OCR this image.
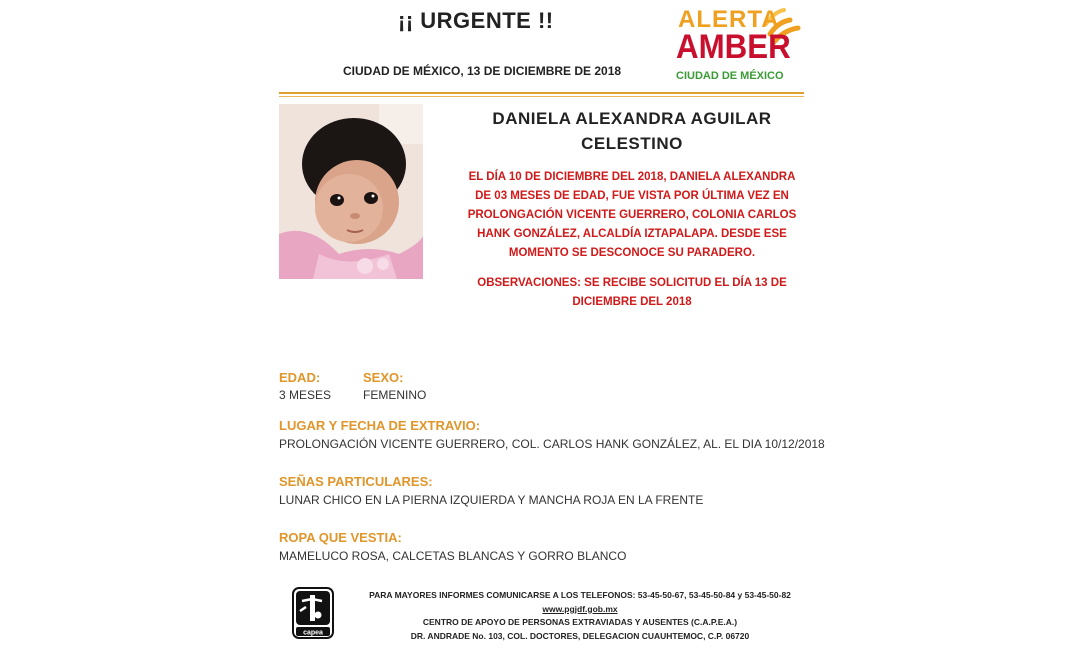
¡¡ URGENTE !!
CIUDAD DE MÉXICO, 13 DE DICIEMBRE DE 2018
ALERTA
AMBER
CIUDAD DE MÉXICO
DANIELA ALEXANDRA AGUILAR
CELESTINO
EL DÍA 10 DE DICIEMBRE DEL 2018, DANIELA ALEXANDRA DE 03 MESES DE EDAD, FUE VISTA POR ÚLTIMA VEZ EN PROLONGACIÓN VICENTE GUERRERO, COLONIA CARLOS HANK GONZÁLEZ, ALCALDÍA IZTAPALAPA. DESDE ESE MOMENTO SE DESCONOCE SU PARADERO.
OBSERVACIONES: SE RECIBE SOLICITUD EL DÍA 13 DE DICIEMBRE DEL 2018
EDAD:	SEXO:
3 MESES	FEMENINO
LUGAR Y FECHA DE EXTRAVIO:
PROLONGACIÓN VICENTE GUERRERO, COL. CARLOS HANK GONZÁLEZ, AL. EL DIA 10/12/2018
SEÑAS PARTICULARES:
LUNAR CHICO EN LA PIERNA IZQUIERDA Y MANCHA ROJA EN LA FRENTE
ROPA QUE VESTIA:
MAMELUCO ROSA, CALCETAS BLANCAS Y GORRO BLANCO
capea
PARA MAYORES INFORMES COMUNICARSE A LOS TELEFONOS: 53-45-50-67, 53-45-50-84 y 53-45-50-82
www.pgjdf.gob.mx
CENTRO DE APOYO DE PERSONAS EXTRAVIADAS Y AUSENTES (C.A.P.E.A.)
DR. ANDRADE No. 103, COL. DOCTORES, DELEGACION CUAUHTEMOC, C.P. 06720
